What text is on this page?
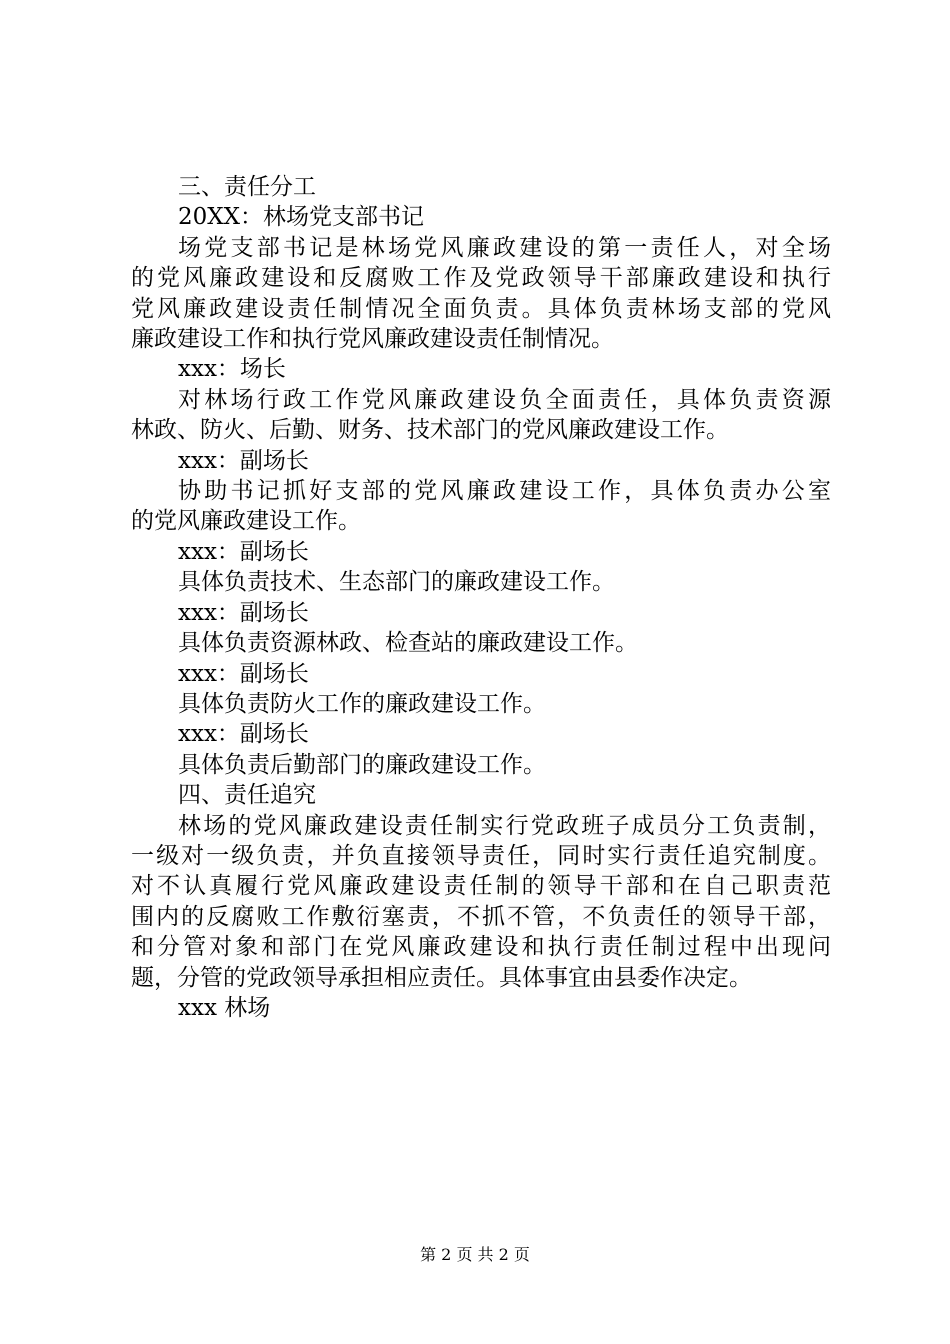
三、责任分工
20XX：林场党支部书记
场党支部书记是林场党风廉政建设的第一责任人，对全场
的党风廉政建设和反腐败工作及党政领导干部廉政建设和执行
党风廉政建设责任制情况全面负责。具体负责林场支部的党风
廉政建设工作和执行党风廉政建设责任制情况。
xxx：场长
对林场行政工作党风廉政建设负全面责任，具体负责资源
林政、防火、后勤、财务、技术部门的党风廉政建设工作。
xxx：副场长
协助书记抓好支部的党风廉政建设工作，具体负责办公室
的党风廉政建设工作。
xxx：副场长
具体负责技术、生态部门的廉政建设工作。
xxx：副场长
具体负责资源林政、检查站的廉政建设工作。
xxx：副场长
具体负责防火工作的廉政建设工作。
xxx：副场长
具体负责后勤部门的廉政建设工作。
四、责任追究
林场的党风廉政建设责任制实行党政班子成员分工负责制，
一级对一级负责，并负直接领导责任，同时实行责任追究制度。
对不认真履行党风廉政建设责任制的领导干部和在自己职责范
围内的反腐败工作敷衍塞责，不抓不管，不负责任的领导干部，
和分管对象和部门在党风廉政建设和执行责任制过程中出现问
题，分管的党政领导承担相应责任。具体事宜由县委作决定。
xxx 林场
第 2 页 共 2 页
